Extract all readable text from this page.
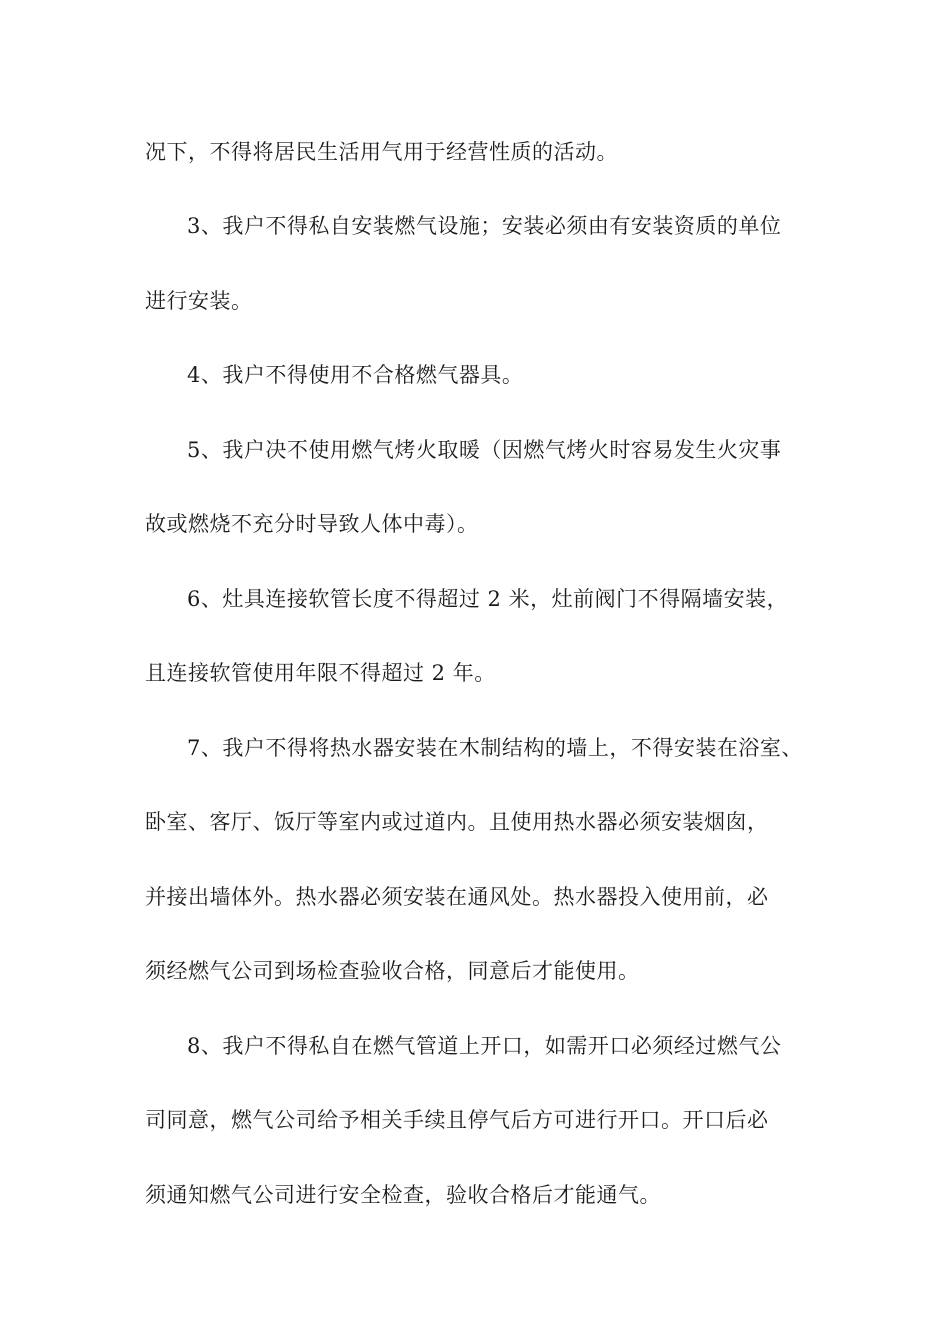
况下，不得将居民生活用气用于经营性质的活动。
3、我户不得私自安装燃气设施；安装必须由有安装资质的单位
进行安装。
4、我户不得使用不合格燃气器具。
5、我户决不使用燃气烤火取暖（因燃气烤火时容易发生火灾事
故或燃烧不充分时导致人体中毒）。
6、灶具连接软管长度不得超过 2 米，灶前阀门不得隔墙安装，
且连接软管使用年限不得超过 2 年。
7、我户不得将热水器安装在木制结构的墙上，不得安装在浴室、
卧室、客厅、饭厅等室内或过道内。且使用热水器必须安装烟囱，
并接出墙体外。热水器必须安装在通风处。热水器投入使用前，必
须经燃气公司到场检查验收合格，同意后才能使用。
8、我户不得私自在燃气管道上开口，如需开口必须经过燃气公
司同意，燃气公司给予相关手续且停气后方可进行开口。开口后必
须通知燃气公司进行安全检查，验收合格后才能通气。
